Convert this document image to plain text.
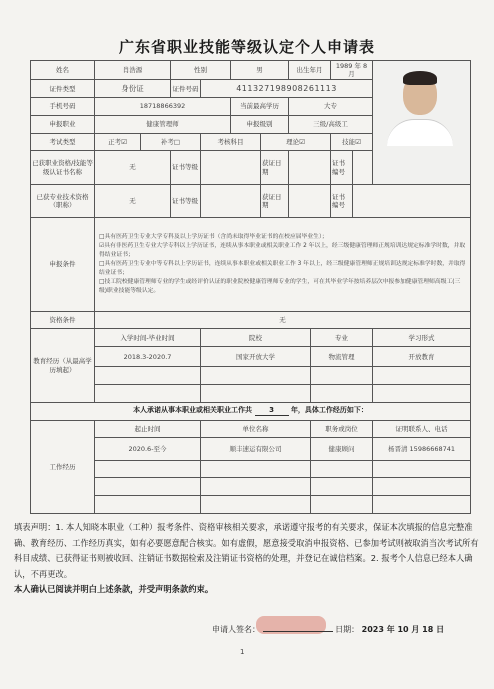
广东省职业技能等级认定个人申请表
姓名	肖浩源		性别		男		出生年月		1989 年 8 月		

证件类型	身份证		证件号码	411327198908261113							
手机号码	18718866392				当前最高学历		大专				
申报职业	健康管理师				申报级别		三级/高级工				
考试类型	正考☑	补考□		考核科目		理论☑			技能☑		
已获职业资格/技能等级认证书名称	无		证书等级			获证日期			证书编号		
已获专业技术资格（职称）	无		证书等级			获证日期			证书编号		
申报条件	□具有医药卫生专业大学专科及以上学历证书（含尚未取得毕业证书的在校应届毕业生）；
☑具有非医药卫生专业大学专科以上学历证书，连续从事本职业或相关职业工作 2 年以上，经三级健康管理师正规培训达规定标准学时数，并取得结业证书；
□具有医药卫生专业中等专科以上学历证书，连续从事本职业或相关职业工作 3 年以上，经三级健康管理师正规培训达规定标准学时数，并取得结业证书；
□技工院校健康管理师专业的学生或经评价认证的职业院校健康管理师专业的学生，可在其毕业学年按培养层次申报参加健康管理师高级工(三级)职业技能等级认定。										

资格条件	无										
教育经历（从最高学历填起）	入学时间-毕业时间			院校				专业			学习形式
	2018.3-2020.7			国家开放大学				物流管理			开放教育

本人承诺从事本职业或相关职业工作共 3 年，具体工作经历如下：											
工作经历	起止时间			单位名称				职务或岗位			证明联系人、电话
	2020.6-至今			顺丰速运有限公司				健康顾问			杨晋清 15986668741

填表声明：1. 本人知晓本职业（工种）报考条件、资格审核相关要求，承诺遵守报考的有关要求，保证本次填报的信息完整准确、教育经历、工作经历真实，如有必要愿意配合核实。如有虚假，愿意接受取消申报资格、已参加考试则被取消当次考试所有科目成绩、已获得证书则被收回、注销证书数据检索及注销证书资格的处理，并登记在诚信档案。2. 报考个人信息已经本人确认，不再更改。
本人确认已阅读并明白上述条款，并受声明条款约束。
申请人签名：	日期： 2023 年 10 月 18 日
1
